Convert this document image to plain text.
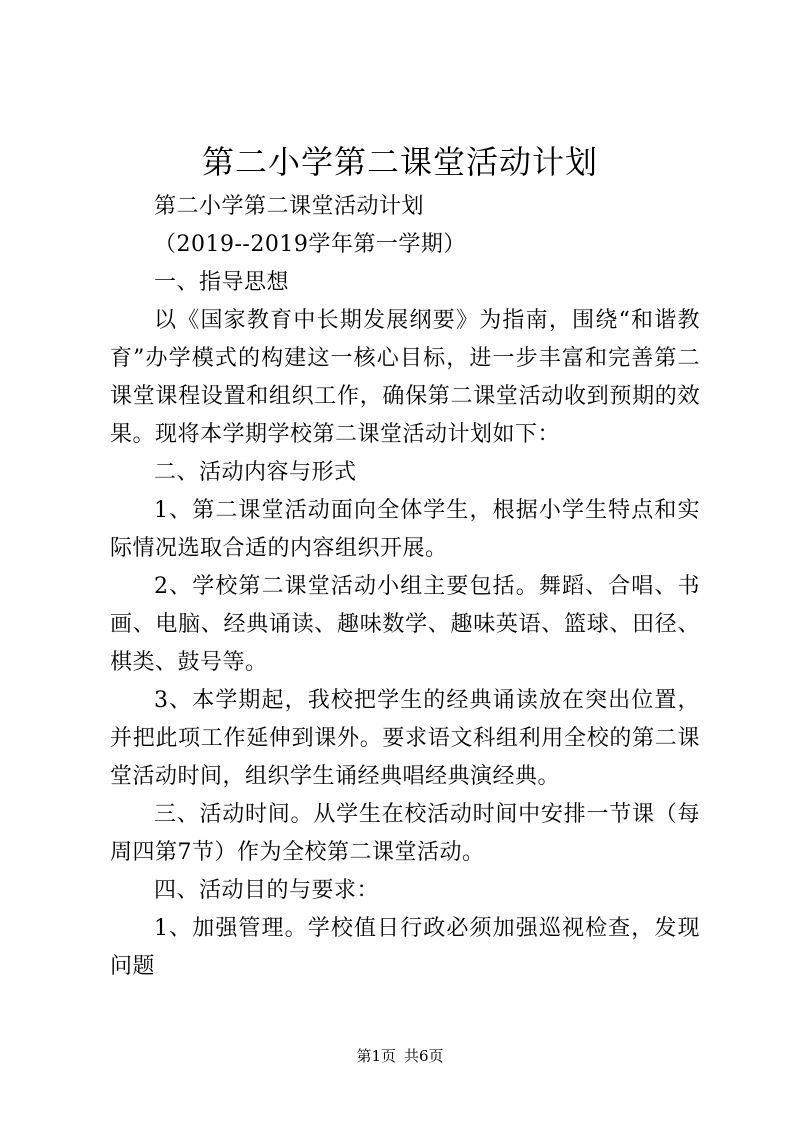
第二小学第二课堂活动计划

第二小学第二课堂活动计划

（2019--2019学年第一学期）

一、指导思想

以《国家教育中长期发展纲要》为指南，围绕“和谐教育”办学模式的构建这一核心目标，进一步丰富和完善第二课堂课程设置和组织工作，确保第二课堂活动收到预期的效果。现将本学期学校第二课堂活动计划如下：

二、活动内容与形式

1、第二课堂活动面向全体学生，根据小学生特点和实际情况选取合适的内容组织开展。

2、学校第二课堂活动小组主要包括。舞蹈、合唱、书画、电脑、经典诵读、趣味数学、趣味英语、篮球、田径、棋类、鼓号等。

3、本学期起，我校把学生的经典诵读放在突出位置，并把此项工作延伸到课外。要求语文科组利用全校的第二课堂活动时间，组织学生诵经典唱经典演经典。

三、活动时间。从学生在校活动时间中安排一节课（每周四第7节）作为全校第二课堂活动。

四、活动目的与要求：

1、加强管理。学校值日行政必须加强巡视检查，发现问题

第1页 共6页
